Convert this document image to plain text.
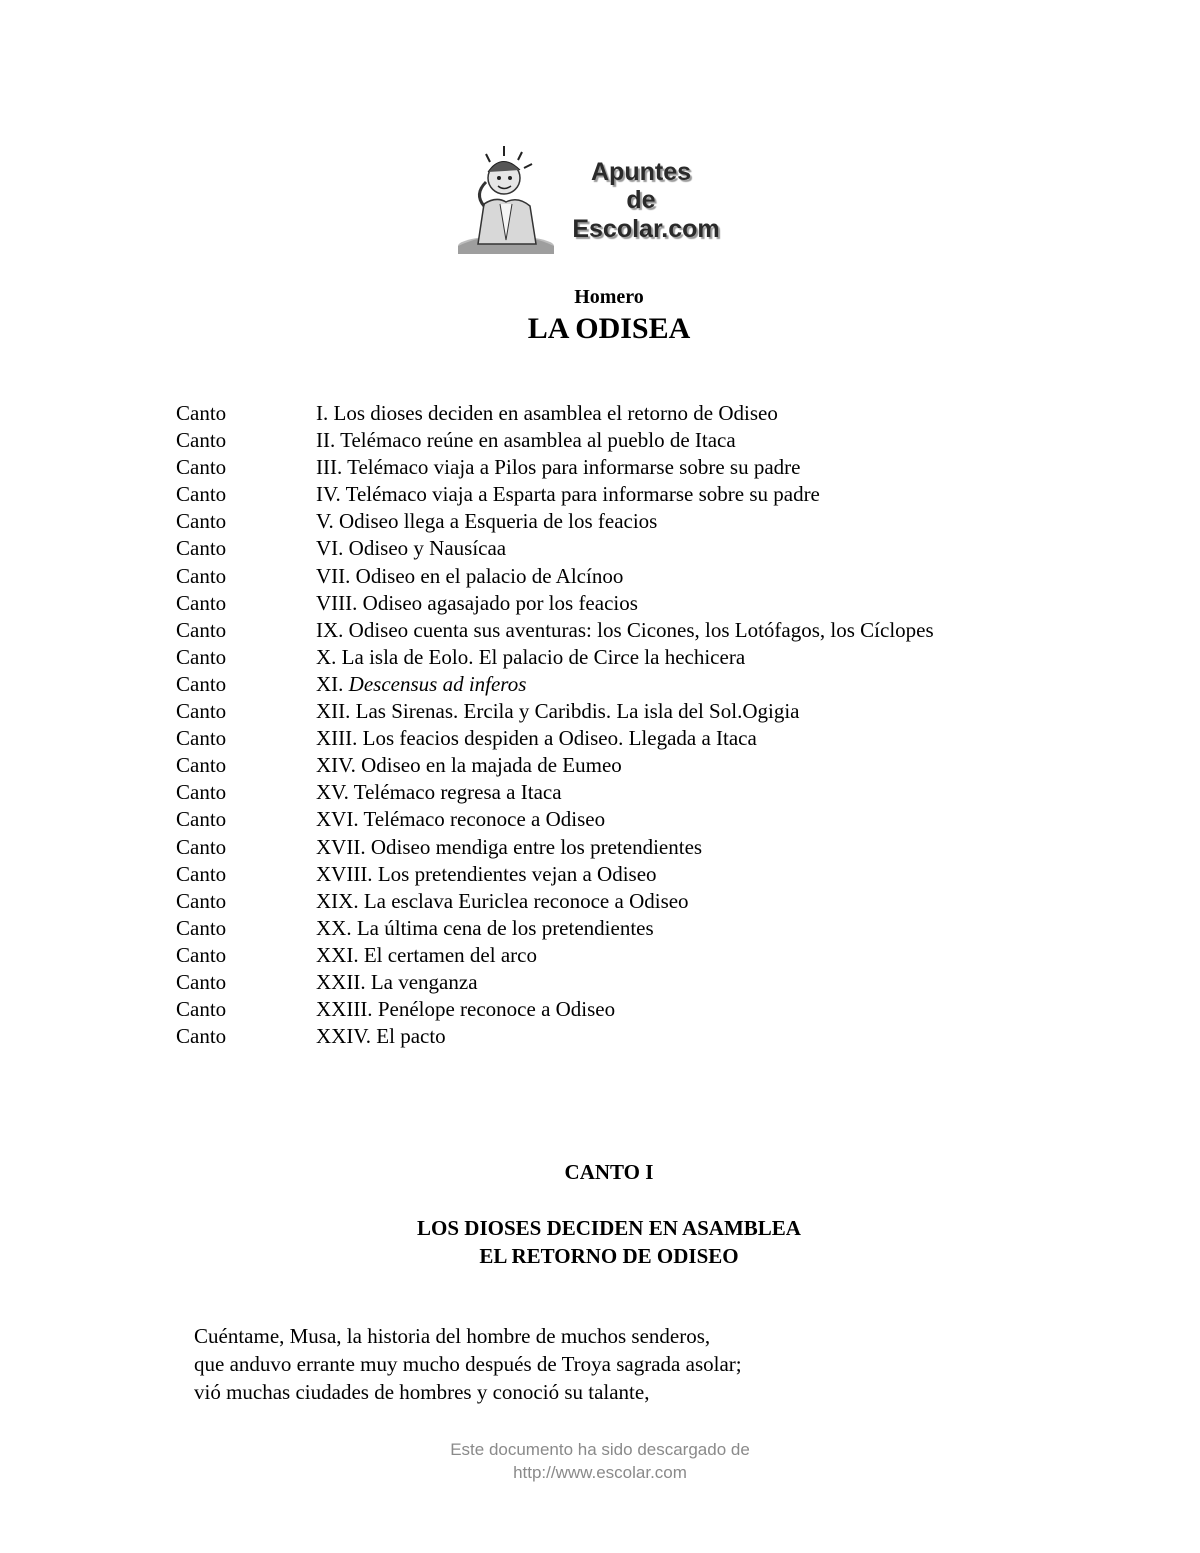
Apuntes
de
Escolar.com
Homero
LA ODISEA
Canto	I. Los dioses deciden en asamblea el retorno de Odiseo
Canto	II. Telémaco reúne en asamblea al pueblo de Itaca
Canto	III. Telémaco viaja a Pilos para informarse sobre su padre
Canto	IV. Telémaco viaja a Esparta para informarse sobre su padre
Canto	V. Odiseo llega a Esqueria de los feacios
Canto	VI. Odiseo y Nausícaa
Canto	VII. Odiseo en el palacio de Alcínoo
Canto	VIII. Odiseo agasajado por los feacios
Canto	IX. Odiseo cuenta sus aventuras: los Cicones, los Lotófagos, los Cíclopes
Canto	X. La isla de Eolo. El palacio de Circe la hechicera
Canto	XI. Descensus ad inferos
Canto	XII. Las Sirenas. Ercila y Caribdis. La isla del Sol.Ogigia
Canto	XIII. Los feacios despiden a Odiseo. Llegada a Itaca
Canto	XIV. Odiseo en la majada de Eumeo
Canto	XV. Telémaco regresa a Itaca
Canto	XVI. Telémaco reconoce a Odiseo
Canto	XVII. Odiseo mendiga entre los pretendientes
Canto	XVIII. Los pretendientes vejan a Odiseo
Canto	XIX. La esclava Euriclea reconoce a Odiseo
Canto	XX. La última cena de los pretendientes
Canto	XXI. El certamen del arco
Canto	XXII. La venganza
Canto	XXIII. Penélope reconoce a Odiseo
Canto	XXIV. El pacto
CANTO I
LOS DIOSES DECIDEN EN ASAMBLEA
EL RETORNO DE ODISEO
Cuéntame, Musa, la historia del hombre de muchos senderos,
que anduvo errante muy mucho después de Troya sagrada asolar;
vió muchas ciudades de hombres y conoció su talante,
Este documento ha sido descargado de
http://www.escolar.com
